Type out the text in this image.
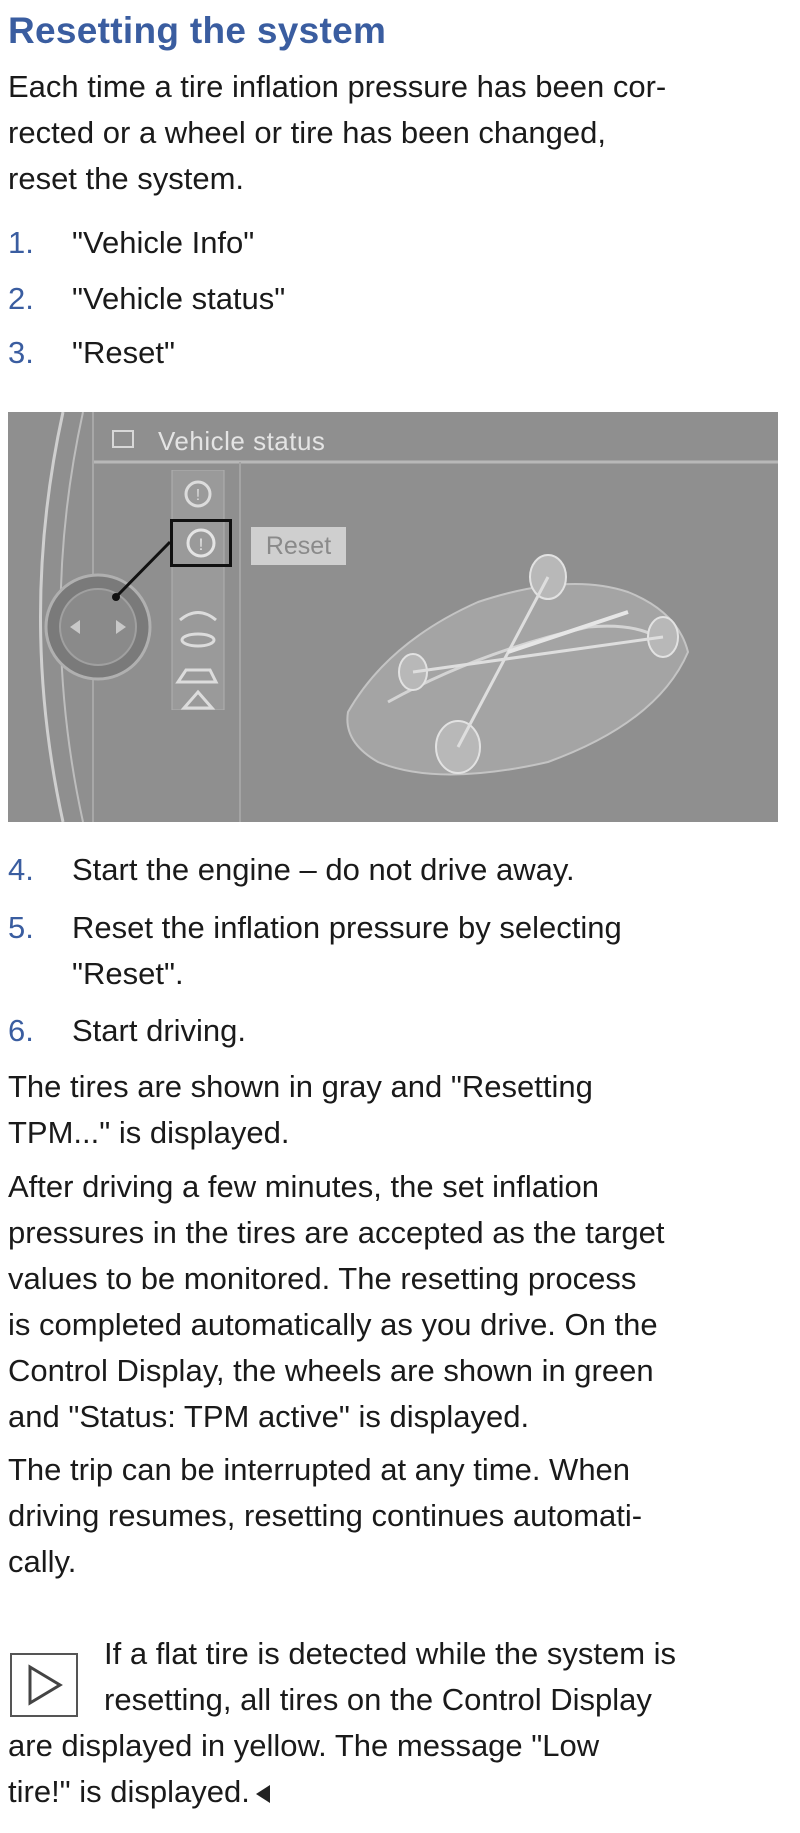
Resetting the system
Each time a tire inflation pressure has been cor-
rected or a wheel or tire has been changed,
reset the system.
1. "Vehicle Info"
2. "Vehicle status"
3. "Reset"
Vehicle status
!
!	Reset
4. Start the engine – do not drive away.
5. Reset the inflation pressure by selecting
"Reset".
6. Start driving.
The tires are shown in gray and "Resetting
TPM..." is displayed.
After driving a few minutes, the set inflation
pressures in the tires are accepted as the target
values to be monitored. The resetting process
is completed automatically as you drive. On the
Control Display, the wheels are shown in green
and "Status: TPM active" is displayed.
The trip can be interrupted at any time. When
driving resumes, resetting continues automati-
cally.
If a flat tire is detected while the system is
resetting, all tires on the Control Display
are displayed in yellow. The message "Low
tire!" is displayed.
